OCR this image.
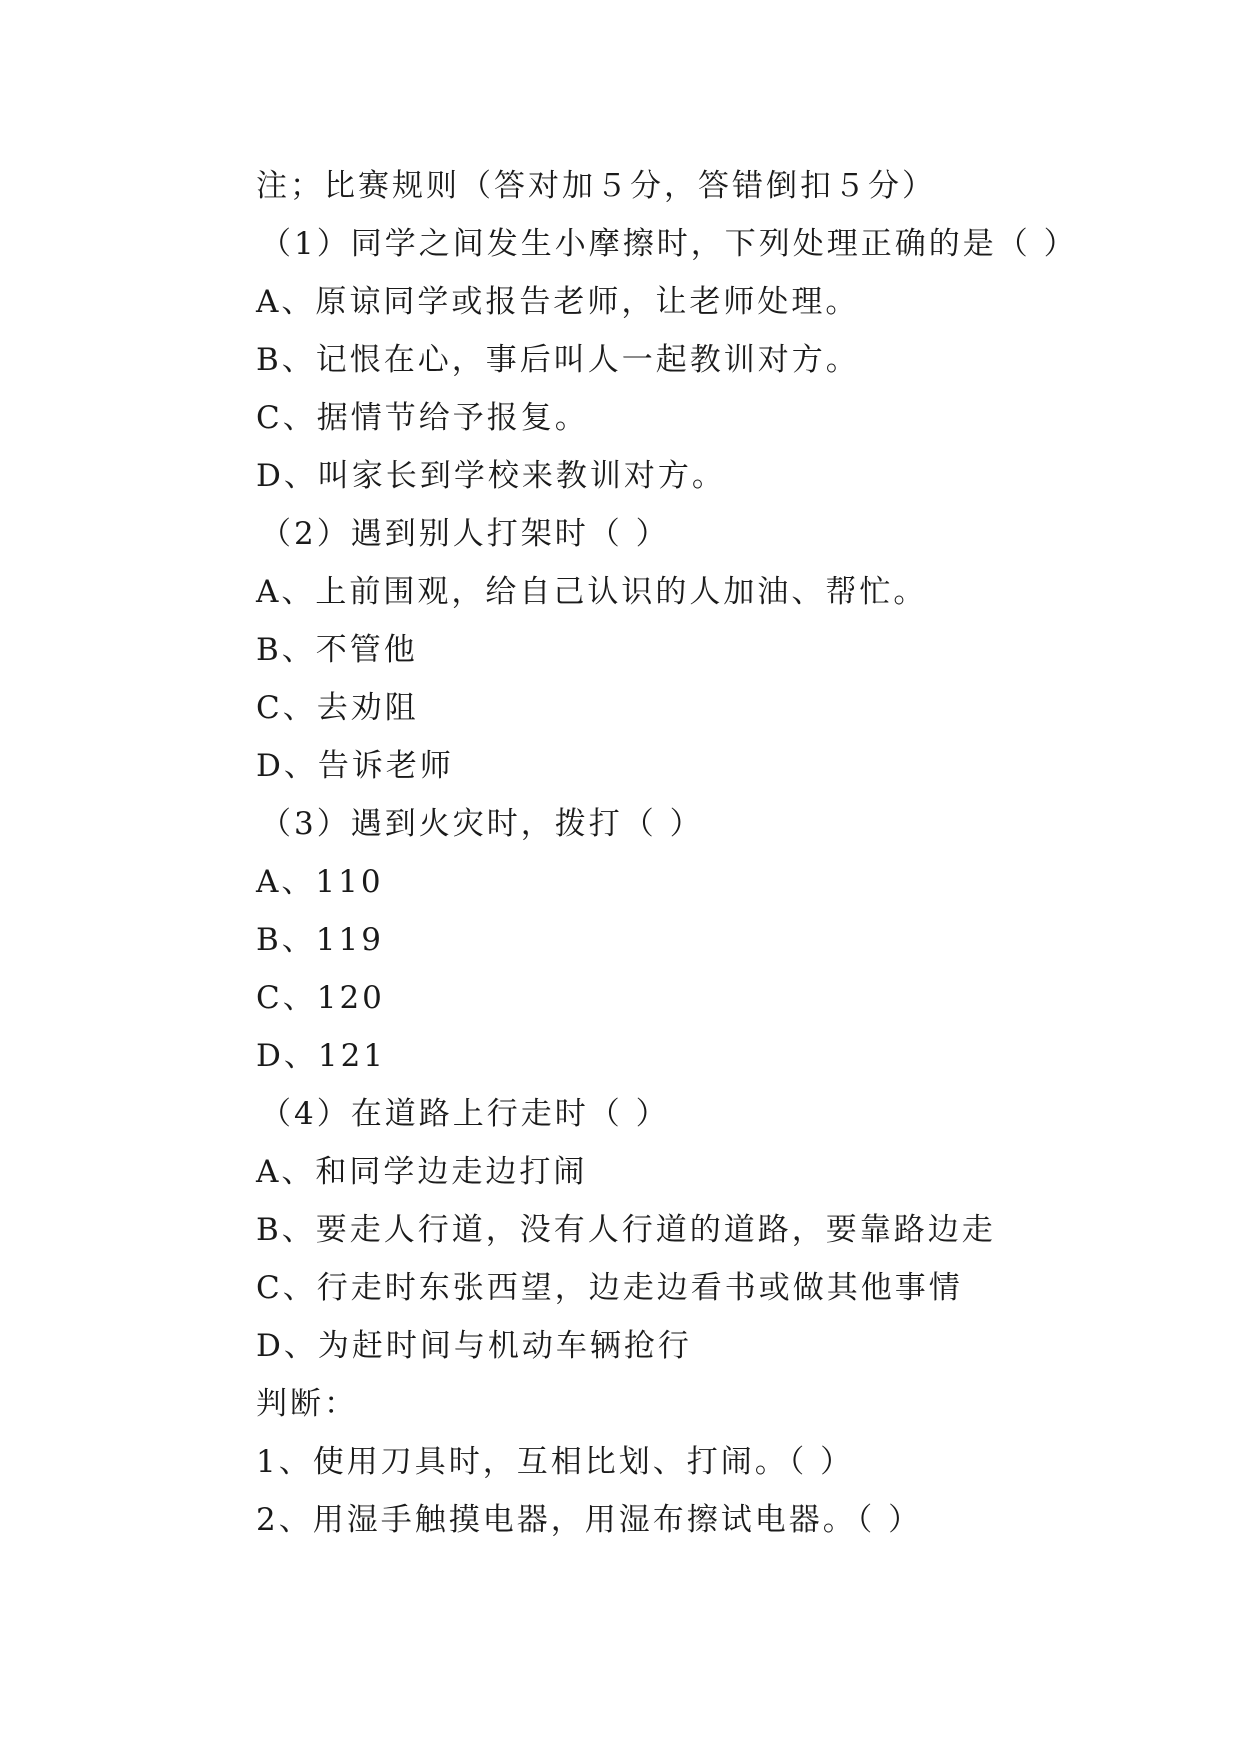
注；比赛规则（答对加５分，答错倒扣５分）
（1）同学之间发生小摩擦时，下列处理正确的是（ ）
A、原谅同学或报告老师，让老师处理。
B、记恨在心，事后叫人一起教训对方。
C、据情节给予报复。
D、叫家长到学校来教训对方。
（2）遇到别人打架时（ ）
A、上前围观，给自己认识的人加油、帮忙。
B、不管他
C、去劝阻
D、告诉老师
（3）遇到火灾时，拨打（ ）
A、110
B、119
C、120
D、121
（4）在道路上行走时（ ）
A、和同学边走边打闹
B、要走人行道，没有人行道的道路，要靠路边走
C、行走时东张西望，边走边看书或做其他事情
D、为赶时间与机动车辆抢行
判断：
1、使用刀具时，互相比划、打闹。（ ）
2、用湿手触摸电器，用湿布擦试电器。（ ）
